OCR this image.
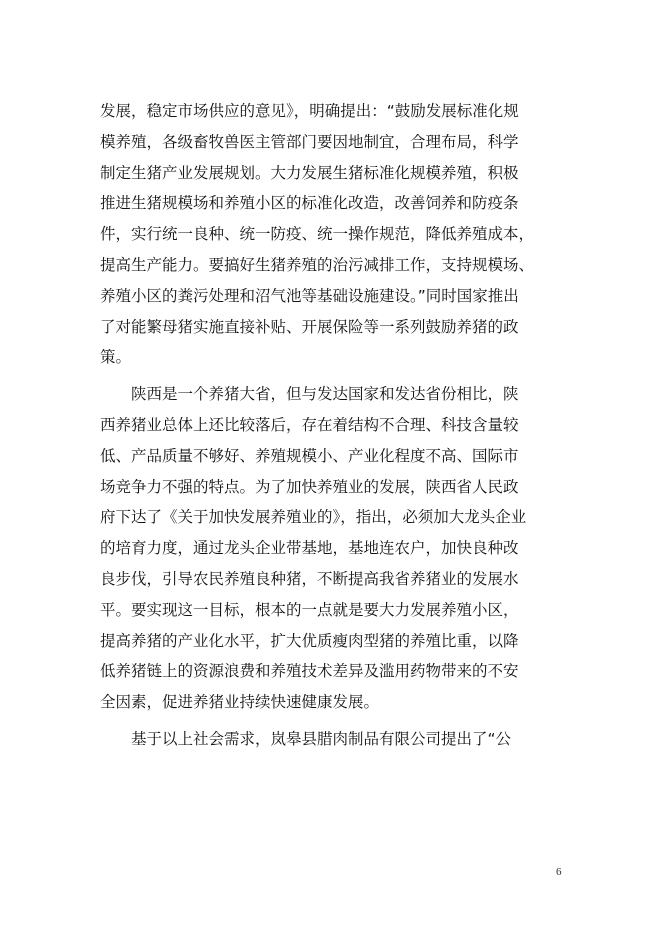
发展，稳定市场供应的意见》，明确提出：“鼓励发展标准化规
模养殖，各级畜牧兽医主管部门要因地制宜，合理布局，科学
制定生猪产业发展规划。大力发展生猪标准化规模养殖，积极
推进生猪规模场和养殖小区的标准化改造，改善饲养和防疫条
件，实行统一良种、统一防疫、统一操作规范，降低养殖成本，
提高生产能力。要搞好生猪养殖的治污减排工作，支持规模场、
养殖小区的粪污处理和沼气池等基础设施建设。”同时国家推出
了对能繁母猪实施直接补贴、开展保险等一系列鼓励养猪的政
策。
　　陕西是一个养猪大省，但与发达国家和发达省份相比，陕
西养猪业总体上还比较落后，存在着结构不合理、科技含量较
低、产品质量不够好、养殖规模小、产业化程度不高、国际市
场竞争力不强的特点。为了加快养殖业的发展，陕西省人民政
府下达了《关于加快发展养殖业的》，指出，必须加大龙头企业
的培育力度，通过龙头企业带基地，基地连农户，加快良种改
良步伐，引导农民养殖良种猪，不断提高我省养猪业的发展水
平。要实现这一目标，根本的一点就是要大力发展养殖小区，
提高养猪的产业化水平，扩大优质瘦肉型猪的养殖比重，以降
低养猪链上的资源浪费和养殖技术差异及滥用药物带来的不安
全因素，促进养猪业持续快速健康发展。
　　基于以上社会需求，岚皋县腊肉制品有限公司提出了“公
6
